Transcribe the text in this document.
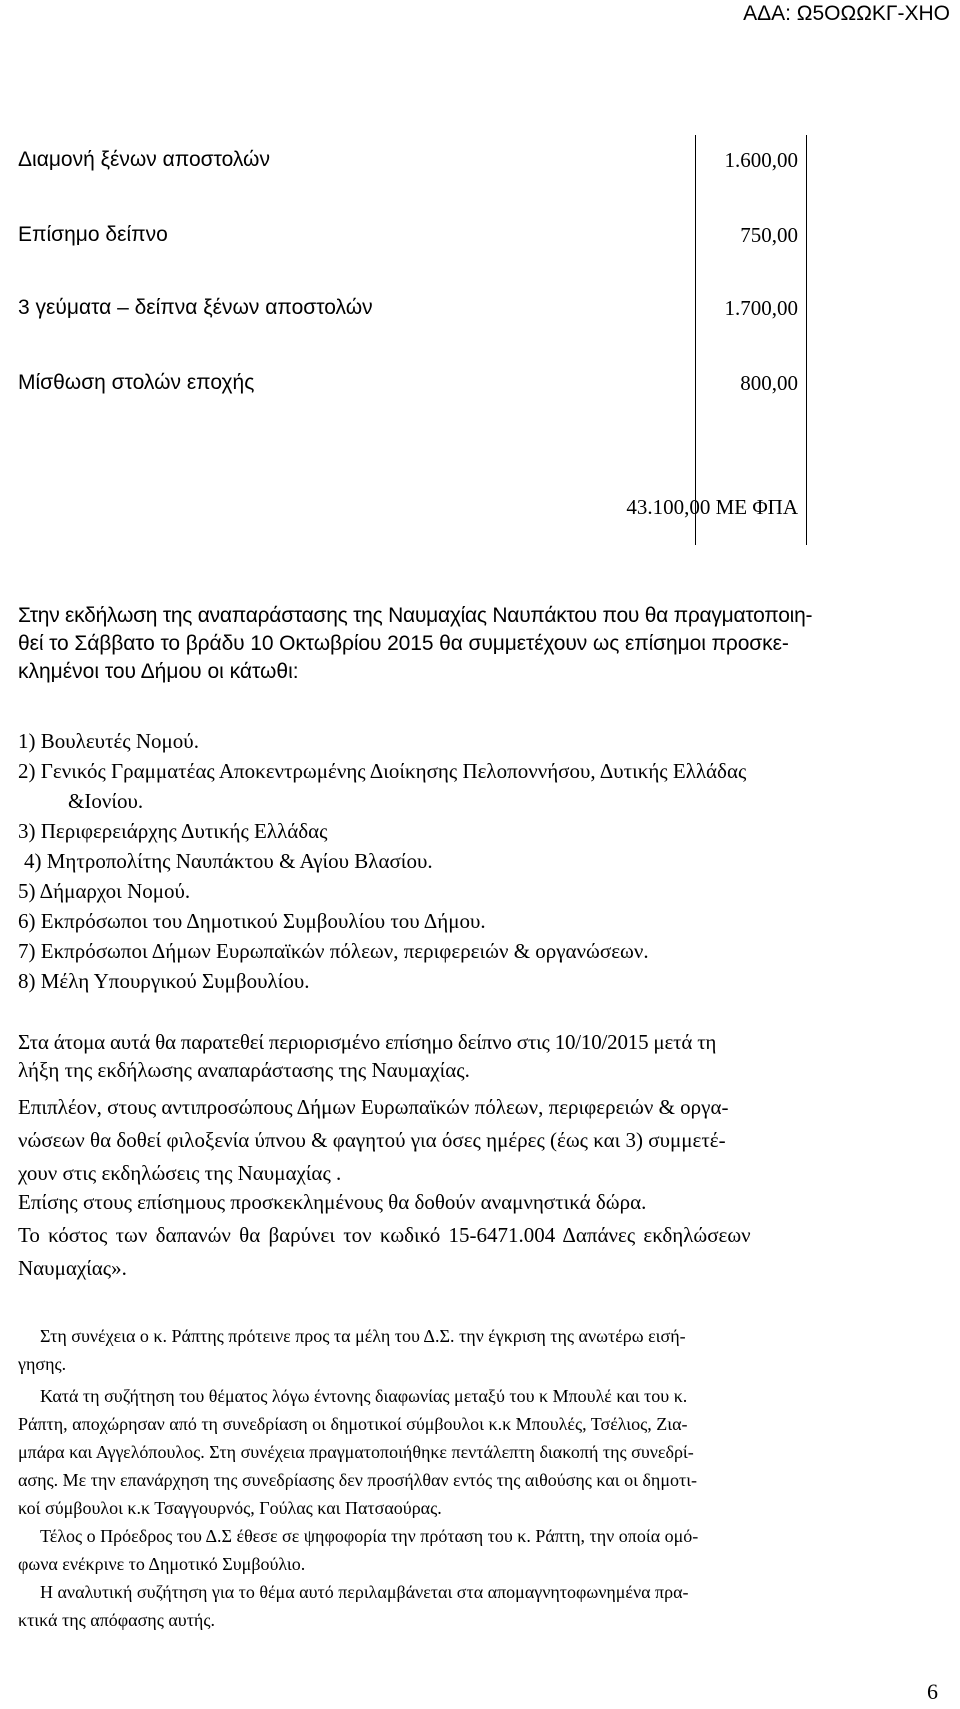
ΑΔΑ: Ω5ΟΩΩΚΓ-ΧΗΟ
Διαμονή ξένων αποστολών	1.600,00
Επίσημο δείπνο	750,00
3 γεύματα – δείπνα ξένων αποστολών	1.700,00
Μίσθωση στολών εποχής	800,00
43.100,00 ΜΕ ΦΠΑ
Στην εκδήλωση της αναπαράστασης της Ναυμαχίας Ναυπάκτου που θα πραγματοποιη-
θεί το Σάββατο το βράδυ 10 Οκτωβρίου 2015 θα συμμετέχουν ως επίσημοι προσκε-
κλημένοι του Δήμου οι κάτωθι:
1) Βουλευτές Νομού.
2) Γενικός Γραμματέας Αποκεντρωμένης Διοίκησης Πελοποννήσου, Δυτικής Ελλάδας
&Ιονίου.
3) Περιφερειάρχης Δυτικής Ελλάδας
4) Μητροπολίτης Ναυπάκτου & Αγίου Βλασίου.
5) Δήμαρχοι Νομού.
6) Εκπρόσωποι του Δημοτικού Συμβουλίου του Δήμου.
7) Εκπρόσωποι Δήμων Ευρωπαϊκών πόλεων, περιφερειών & οργανώσεων.
8) Μέλη Υπουργικού Συμβουλίου.
Στα άτομα αυτά θα παρατεθεί περιορισμένο επίσημο δείπνο στις 10/10/2015 μετά τη
λήξη της εκδήλωσης αναπαράστασης της Ναυμαχίας.
Επιπλέον, στους αντιπροσώπους Δήμων Ευρωπαϊκών πόλεων, περιφερειών & οργα-
νώσεων θα δοθεί φιλοξενία ύπνου & φαγητού για όσες ημέρες (έως και 3) συμμετέ-
χουν στις εκδηλώσεις της Ναυμαχίας .
Επίσης στους επίσημους προσκεκλημένους θα δοθούν αναμνηστικά δώρα.
Το κόστος των δαπανών θα βαρύνει τον κωδικό 15-6471.004 Δαπάνες εκδηλώσεων
Ναυμαχίας».
Στη συνέχεια ο κ. Ράπτης πρότεινε προς τα μέλη του Δ.Σ. την έγκριση της ανωτέρω εισή-
γησης.
Κατά τη συζήτηση του θέματος λόγω έντονης διαφωνίας μεταξύ του κ Μπουλέ και του κ.
Ράπτη, αποχώρησαν από τη συνεδρίαση οι δημοτικοί σύμβουλοι κ.κ Μπουλές, Τσέλιος, Ζια-
μπάρα και Αγγελόπουλος. Στη συνέχεια πραγματοποιήθηκε πεντάλεπτη διακοπή της συνεδρί-
ασης. Με την επανάρχηση της συνεδρίασης δεν προσήλθαν εντός της αιθούσης και οι δημοτι-
κοί σύμβουλοι κ.κ Τσαγγουρνός, Γούλας και Πατσαούρας.
Τέλος ο Πρόεδρος του Δ.Σ έθεσε σε ψηφοφορία την πρόταση του κ. Ράπτη, την οποία ομό-
φωνα ενέκρινε το Δημοτικό Συμβούλιο.
Η αναλυτική συζήτηση για το θέμα αυτό περιλαμβάνεται στα απομαγνητοφωνημένα πρα-
κτικά της απόφασης αυτής.
6
